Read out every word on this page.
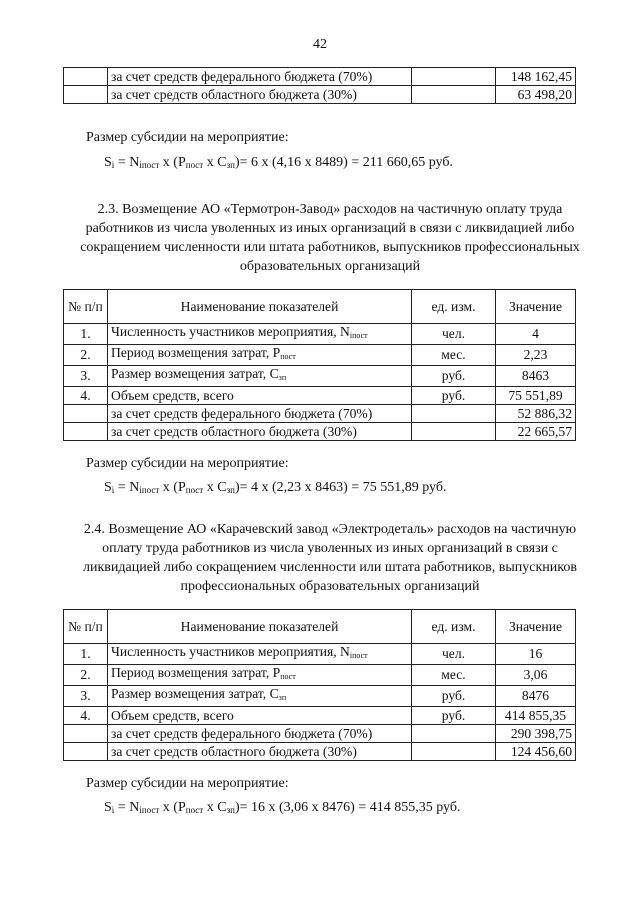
42
	за счет средств федерального бюджета (70%)		148 162,45
	за счет средств областного бюджета (30%)		63 498,20
Размер субсидии на мероприятие:
$S_i = N_{iпост}$ x ($P_{пост}$ x $C_{зп})= 6$ x (4,16 x 8489) = 211 660,65 руб.
2.3. Возмещение АО «Термотрон-Завод» расходов на частичную оплату труда работников из числа уволенных из иных организаций в связи с ликвидацией либо сокращением численности или штата работников, выпускников профессиональных образовательных организаций
№ п/п	Наименование показателей	ед. изм.	Значение
1.	Численность участников мероприятия, $N_{iпост}$	чел.	4
2.	Период возмещения затрат, $P_{пост}$	мес.	2,23
3.	Размер возмещения затрат, $C_{зп}$	руб.	8463
4.	Объем средств, всего	руб.	75 551,89
	за счет средств федерального бюджета (70%)		52 886,32
	за счет средств областного бюджета (30%)		22 665,57
Размер субсидии на мероприятие:
$S_i = N_{iпост}$ x ($P_{пост}$ x $C_{зп})= 4$ x (2,23 x 8463) = 75 551,89 руб.
2.4. Возмещение АО «Карачевский завод «Электродеталь» расходов на частичную оплату труда работников из числа уволенных из иных организаций в связи с ликвидацией либо сокращением численности или штата работников, выпускников профессиональных образовательных организаций
№ п/п	Наименование показателей	ед. изм.	Значение
1.	Численность участников мероприятия, $N_{iпост}$	чел.	16
2.	Период возмещения затрат, $P_{пост}$	мес.	3,06
3.	Размер возмещения затрат, $C_{зп}$	руб.	8476
4.	Объем средств, всего	руб.	414 855,35
	за счет средств федерального бюджета (70%)		290 398,75
	за счет средств областного бюджета (30%)		124 456,60
Размер субсидии на мероприятие:
$S_i = N_{iпост}$ x ($P_{пост}$ x $C_{зп})= 16$ x (3,06 x 8476) = 414 855,35 руб.
